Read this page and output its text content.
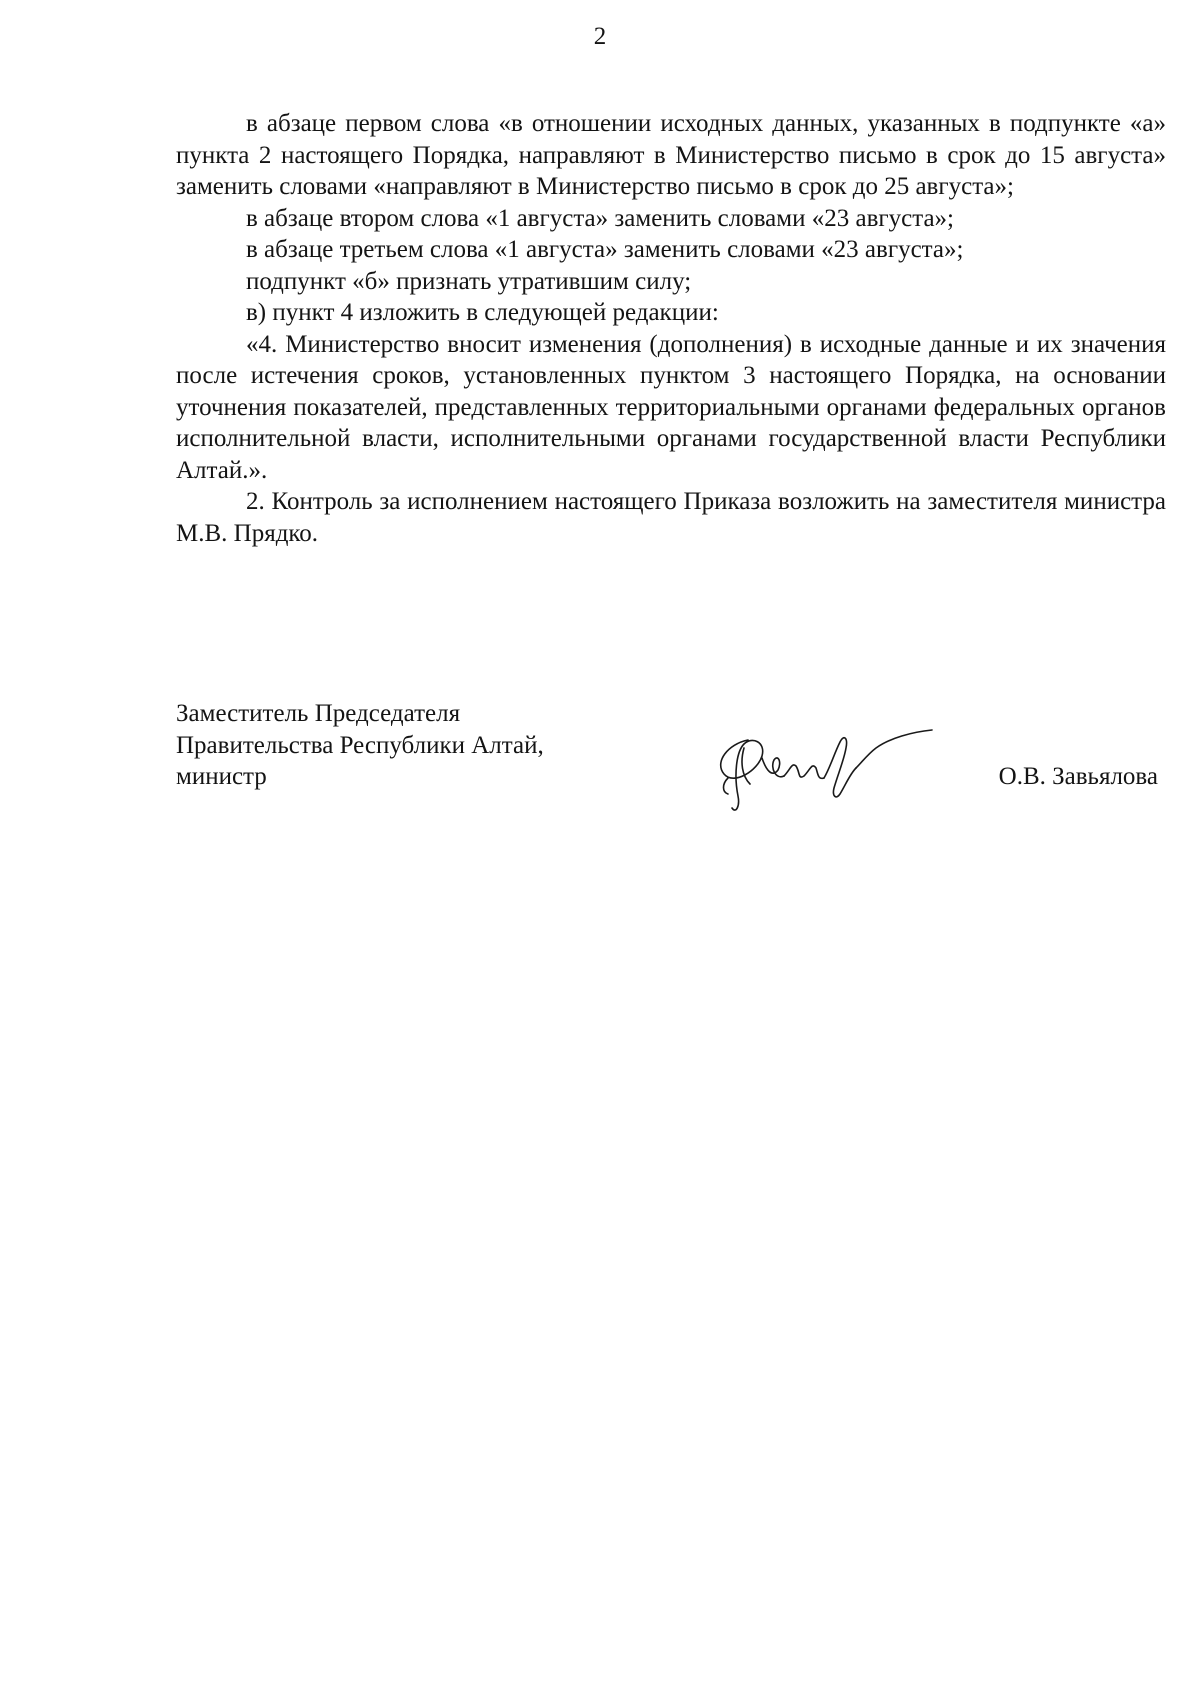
2

в абзаце первом слова «в отношении исходных данных, указанных в подпункте «а» пункта 2 настоящего Порядка, направляют в Министерство письмо в срок до 15 августа» заменить словами «направляют в Министерство письмо в срок до 25 августа»;

в абзаце втором слова «1 августа» заменить словами «23 августа»;

в абзаце третьем слова «1 августа» заменить словами «23 августа»;

подпункт «б» признать утратившим силу;

в) пункт 4 изложить в следующей редакции:

«4. Министерство вносит изменения (дополнения) в исходные данные и их значения после истечения сроков, установленных пунктом 3 настоящего Порядка, на основании уточнения показателей, представленных территориальными органами федеральных органов исполнительной власти, исполнительными органами государственной власти Республики Алтай.».

2. Контроль за исполнением настоящего Приказа возложить на заместителя министра М.В. Прядко.

Заместитель Председателя
Правительства Республики Алтай,
министр	О.В. Завьялова
